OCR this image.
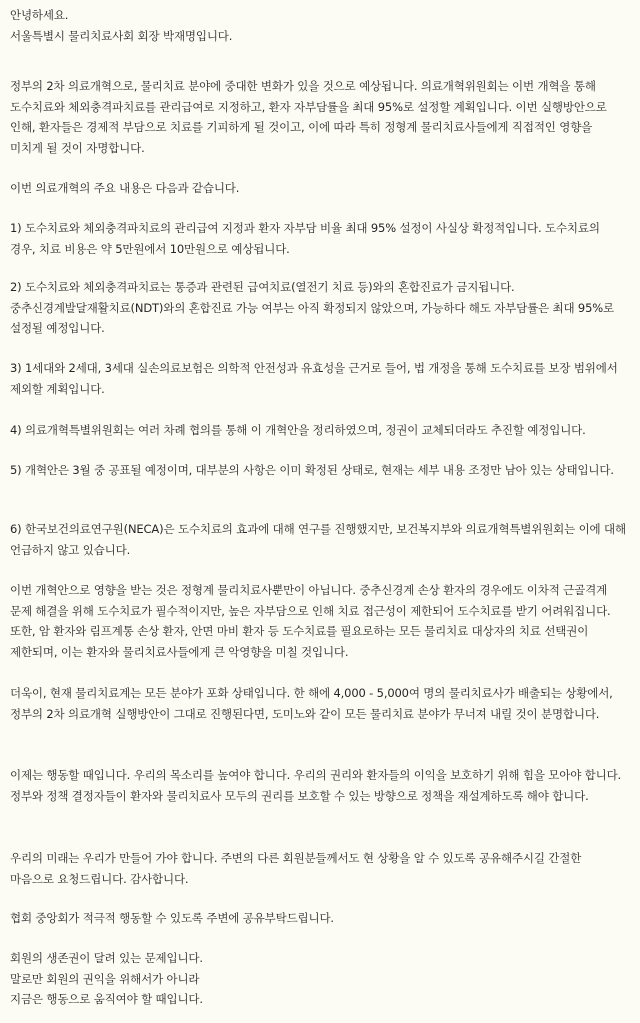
안녕하세요.
서울특별시 물리치료사회 회장 박재명입니다.

정부의 2차 의료개혁으로, 물리치료 분야에 중대한 변화가 있을 것으로 예상됩니다. 의료개혁위원회는 이번 개혁을 통해 도수치료와 체외충격파치료를 관리급여로 지정하고, 환자 자부담률을 최대 95%로 설정할 계획입니다. 이번 실행방안으로 인해, 환자들은 경제적 부담으로 치료를 기피하게 될 것이고, 이에 따라 특히 정형계 물리치료사들에게 직접적인 영향을 미치게 될 것이 자명합니다.

이번 의료개혁의 주요 내용은 다음과 같습니다.

1) 도수치료와 체외충격파치료의 관리급여 지정과 환자 자부담 비율 최대 95% 설정이 사실상 확정적입니다. 도수치료의 경우, 치료 비용은 약 5만원에서 10만원으로 예상됩니다.

2) 도수치료와 체외충격파치료는 통증과 관련된 급여치료(열전기 치료 등)와의 혼합진료가 금지됩니다. 중추신경계발달재활치료(NDT)와의 혼합진료 가능 여부는 아직 확정되지 않았으며, 가능하다 해도 자부담률은 최대 95%로 설정될 예정입니다.

3) 1세대와 2세대, 3세대 실손의료보험은 의학적 안전성과 유효성을 근거로 들어, 법 개정을 통해 도수치료를 보장 범위에서 제외할 계획입니다.

4) 의료개혁특별위원회는 여러 차례 협의를 통해 이 개혁안을 정리하였으며, 정권이 교체되더라도 추진할 예정입니다.

5) 개혁안은 3월 중 공표될 예정이며, 대부분의 사항은 이미 확정된 상태로, 현재는 세부 내용 조정만 남아 있는 상태입니다.

6) 한국보건의료연구원(NECA)은 도수치료의 효과에 대해 연구를 진행했지만, 보건복지부와 의료개혁특별위원회는 이에 대해 언급하지 않고 있습니다.

이번 개혁안으로 영향을 받는 것은 정형계 물리치료사뿐만이 아닙니다. 중추신경계 손상 환자의 경우에도 이차적 근골격계 문제 해결을 위해 도수치료가 필수적이지만, 높은 자부담으로 인해 치료 접근성이 제한되어 도수치료를 받기 어려워집니다. 또한, 암 환자와 림프계통 손상 환자, 안면 마비 환자 등 도수치료를 필요로하는 모든 물리치료 대상자의 치료 선택권이 제한되며, 이는 환자와 물리치료사들에게 큰 악영향을 미칠 것입니다.

더욱이, 현재 물리치료계는 모든 분야가 포화 상태입니다. 한 해에 4,000 - 5,000여 명의 물리치료사가 배출되는 상황에서, 정부의 2차 의료개혁 실행방안이 그대로 진행된다면, 도미노와 같이 모든 물리치료 분야가 무너져 내릴 것이 분명합니다.

이제는 행동할 때입니다. 우리의 목소리를 높여야 합니다. 우리의 권리와 환자들의 이익을 보호하기 위해 힘을 모아야 합니다. 정부와 정책 결정자들이 환자와 물리치료사 모두의 권리를 보호할 수 있는 방향으로 정책을 재설계하도록 해야 합니다.

우리의 미래는 우리가 만들어 가야 합니다. 주변의 다른 회원분들께서도 현 상황을 알 수 있도록 공유해주시길 간절한 마음으로 요청드립니다. 감사합니다.

협회 중앙회가 적극적 행동할 수 있도록 주변에 공유부탁드립니다.

회원의 생존권이 달려 있는 문제입니다.
말로만 회원의 권익을 위해서가 아니라
지금은 행동으로 움직여야 할 때입니다.
